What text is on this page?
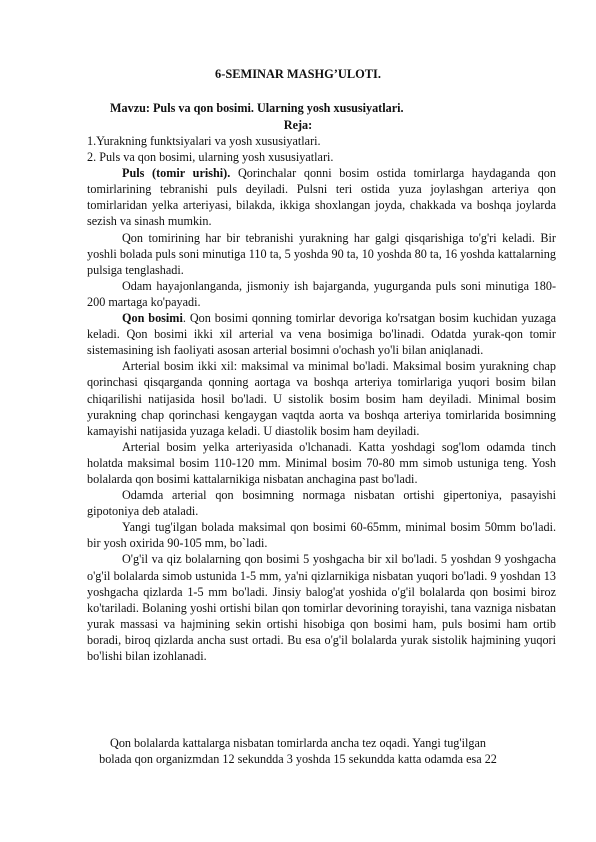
6-SEMINAR MASHG’ULOTI.

Mavzu: Puls va qon bosimi. Ularning yosh xususiyatlari.

Reja:

1.Yurakning funktsiyalari va yosh xususiyatlari.

2. Puls va qon bosimi, ularning yosh xususiyatlari.

Puls (tomir urishi). Qorinchalar qonni bosim ostida tomirlarga haydaganda qon tomirlarining tebranishi puls deyiladi. Pulsni teri ostida yuza joylashgan arteriya qon tomirlaridan yelka arteriyasi, bilakda, ikkiga shoxlangan joyda, chakkada va boshqa joylarda sezish va sinash mumkin.

Qon tomirining har bir tebranishi yurakning har galgi qisqarishiga to'g'ri keladi. Bir yoshli bolada puls soni minutiga 110 ta, 5 yoshda 90 ta, 10 yoshda 80 ta, 16 yoshda kattalarning pulsiga tenglashadi.

Odam hayajonlanganda, jismoniy ish bajarganda, yugurganda puls soni minutiga 180-200 martaga ko'payadi.

Qon bosimi. Qon bosimi qonning tomirlar devoriga ko'rsatgan bosim kuchidan yuzaga keladi. Qon bosimi ikki xil arterial va vena bosimiga bo'linadi. Odatda yurak-qon tomir sistemasining ish faoliyati asosan arterial bosimni o'ochash yo'li bilan aniqlanadi.

Arterial bosim ikki xil: maksimal va minimal bo'ladi. Maksimal bosim yurakning chap qorinchasi qisqarganda qonning aortaga va boshqa arteriya tomirlariga yuqori bosim bilan chiqarilishi natijasida hosil bo'ladi. U sistolik bosim bosim ham deyiladi. Minimal bosim yurakning chap qorinchasi kengaygan vaqtda aorta va boshqa arteriya tomirlarida bosimning kamayishi natijasida yuzaga keladi. U diastolik bosim ham deyiladi.

Arterial bosim yelka arteriyasida o'lchanadi. Katta yoshdagi sog'lom odamda tinch holatda maksimal bosim 110-120 mm. Minimal bosim 70-80 mm simob ustuniga teng. Yosh bolalarda qon bosimi kattalarnikiga nisbatan anchagina past bo'ladi.

Odamda arterial qon bosimning normaga nisbatan ortishi gipertoniya, pasayishi gipotoniya deb ataladi.

Yangi tug'ilgan bolada maksimal qon bosimi 60-65mm, minimal bosim 50mm bo'ladi. bir yosh oxirida 90-105 mm, bo`ladi.

O'g'il va qiz bolalarning qon bosimi 5 yoshgacha bir xil bo'ladi. 5 yoshdan 9 yoshgacha o'g'il bolalarda simob ustunida 1-5 mm, ya'ni qizlarnikiga nisbatan yuqori bo'ladi. 9 yoshdan 13 yoshgacha qizlarda 1-5 mm bo'ladi. Jinsiy balog'at yoshida o'g'il bolalarda qon bosimi biroz ko'tariladi. Bolaning yoshi ortishi bilan qon tomirlar devorining torayishi, tana vazniga nisbatan yurak massasi va hajmining sekin ortishi hisobiga qon bosimi ham, puls bosimi ham ortib boradi, biroq qizlarda ancha sust ortadi. Bu esa o'g'il bolalarda yurak sistolik hajmining yuqori bo'lishi bilan izohlanadi.

Qon bolalarda kattalarga nisbatan tomirlarda ancha tez oqadi. Yangi tug'ilgan

bolada qon organizmdan 12 sekundda 3 yoshda 15 sekundda katta odamda esa 22
